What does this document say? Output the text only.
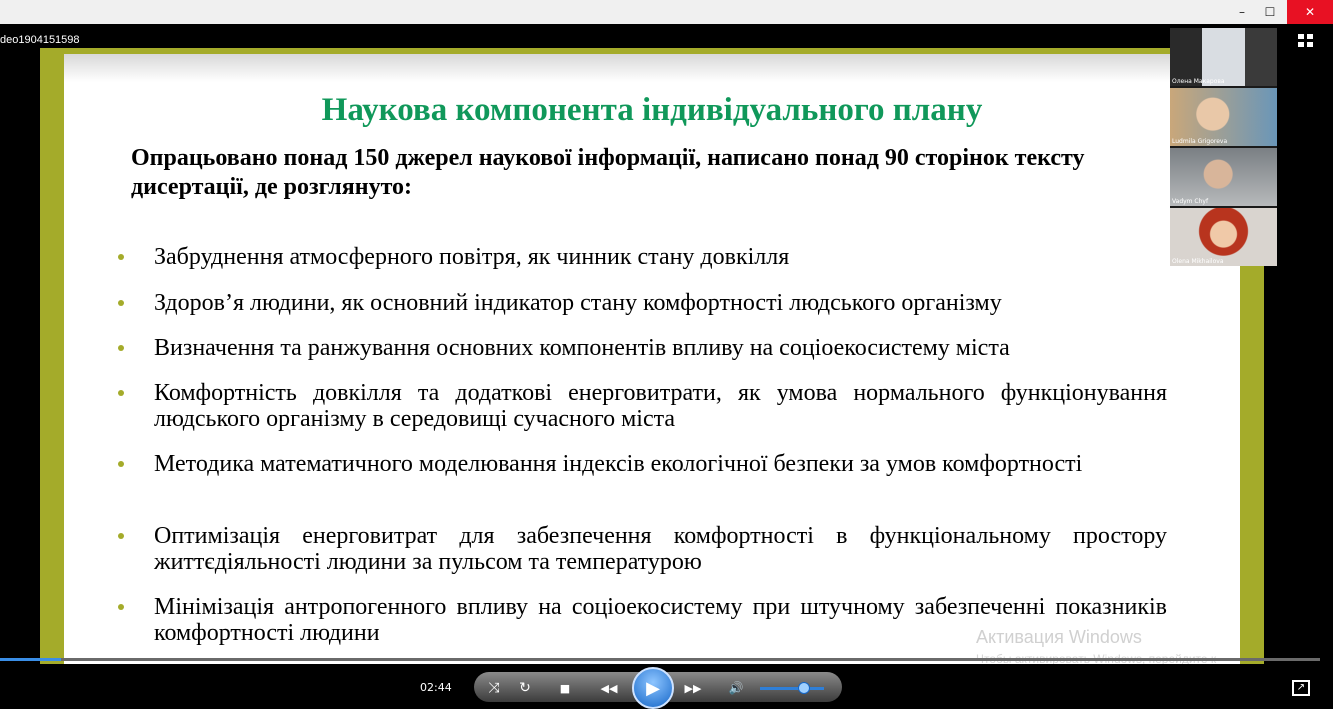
– ☐ ✕
deo1904151598
Наукова компонента індивідуального плану
Опрацьовано понад 150 джерел наукової інформації, написано понад 90 сторінок тексту дисертації, де розглянуто:
Забруднення атмосферного повітря, як чинник стану довкілля
Здоров’я людини, як основний індикатор стану комфортності людського організму
Визначення та ранжування основних компонентів впливу на соціоекосистему міста
Комфортність довкілля та додаткові енерговитрати, як умова нормального функціонування людського організму в середовищі сучасного міста
Методика математичного моделювання індексів екологічної безпеки за умов комфортності
Оптимізація енерговитрат для забезпечення комфортності в функціональному простору життєдіяльності людини за пульсом та температурою
Мінімізація антропогенного впливу на соціоекосистему при штучному забезпеченні показників комфортності людини
Олена Макарова
Ludmila Grigoreva
Vadym Chyf
Olena Mikhailova
Активация Windows
02:44	⤨ ↻	■	◀◀ ▶ ▶▶ 🔊	↗
